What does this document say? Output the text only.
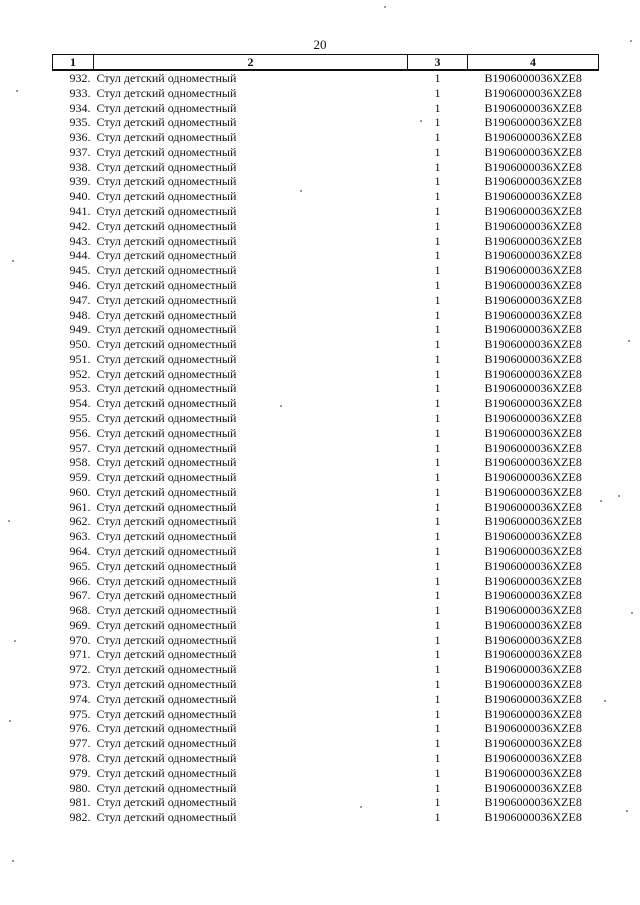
20
1	2	3	4
932.	Стул детский одноместный	1	B1906000036XZE8
933.	Стул детский одноместный	1	B1906000036XZE8
934.	Стул детский одноместный	1	B1906000036XZE8
935.	Стул детский одноместный	1	B1906000036XZE8
936.	Стул детский одноместный	1	B1906000036XZE8
937.	Стул детский одноместный	1	B1906000036XZE8
938.	Стул детский одноместный	1	B1906000036XZE8
939.	Стул детский одноместный	1	B1906000036XZE8
940.	Стул детский одноместный	1	B1906000036XZE8
941.	Стул детский одноместный	1	B1906000036XZE8
942.	Стул детский одноместный	1	B1906000036XZE8
943.	Стул детский одноместный	1	B1906000036XZE8
944.	Стул детский одноместный	1	B1906000036XZE8
945.	Стул детский одноместный	1	B1906000036XZE8
946.	Стул детский одноместный	1	B1906000036XZE8
947.	Стул детский одноместный	1	B1906000036XZE8
948.	Стул детский одноместный	1	B1906000036XZE8
949.	Стул детский одноместный	1	B1906000036XZE8
950.	Стул детский одноместный	1	B1906000036XZE8
951.	Стул детский одноместный	1	B1906000036XZE8
952.	Стул детский одноместный	1	B1906000036XZE8
953.	Стул детский одноместный	1	B1906000036XZE8
954.	Стул детский одноместный	1	B1906000036XZE8
955.	Стул детский одноместный	1	B1906000036XZE8
956.	Стул детский одноместный	1	B1906000036XZE8
957.	Стул детский одноместный	1	B1906000036XZE8
958.	Стул детский одноместный	1	B1906000036XZE8
959.	Стул детский одноместный	1	B1906000036XZE8
960.	Стул детский одноместный	1	B1906000036XZE8
961.	Стул детский одноместный	1	B1906000036XZE8
962.	Стул детский одноместный	1	B1906000036XZE8
963.	Стул детский одноместный	1	B1906000036XZE8
964.	Стул детский одноместный	1	B1906000036XZE8
965.	Стул детский одноместный	1	B1906000036XZE8
966.	Стул детский одноместный	1	B1906000036XZE8
967.	Стул детский одноместный	1	B1906000036XZE8
968.	Стул детский одноместный	1	B1906000036XZE8
969.	Стул детский одноместный	1	B1906000036XZE8
970.	Стул детский одноместный	1	B1906000036XZE8
971.	Стул детский одноместный	1	B1906000036XZE8
972.	Стул детский одноместный	1	B1906000036XZE8
973.	Стул детский одноместный	1	B1906000036XZE8
974.	Стул детский одноместный	1	B1906000036XZE8
975.	Стул детский одноместный	1	B1906000036XZE8
976.	Стул детский одноместный	1	B1906000036XZE8
977.	Стул детский одноместный	1	B1906000036XZE8
978.	Стул детский одноместный	1	B1906000036XZE8
979.	Стул детский одноместный	1	B1906000036XZE8
980.	Стул детский одноместный	1	B1906000036XZE8
981.	Стул детский одноместный	1	B1906000036XZE8
982.	Стул детский одноместный	1	B1906000036XZE8
